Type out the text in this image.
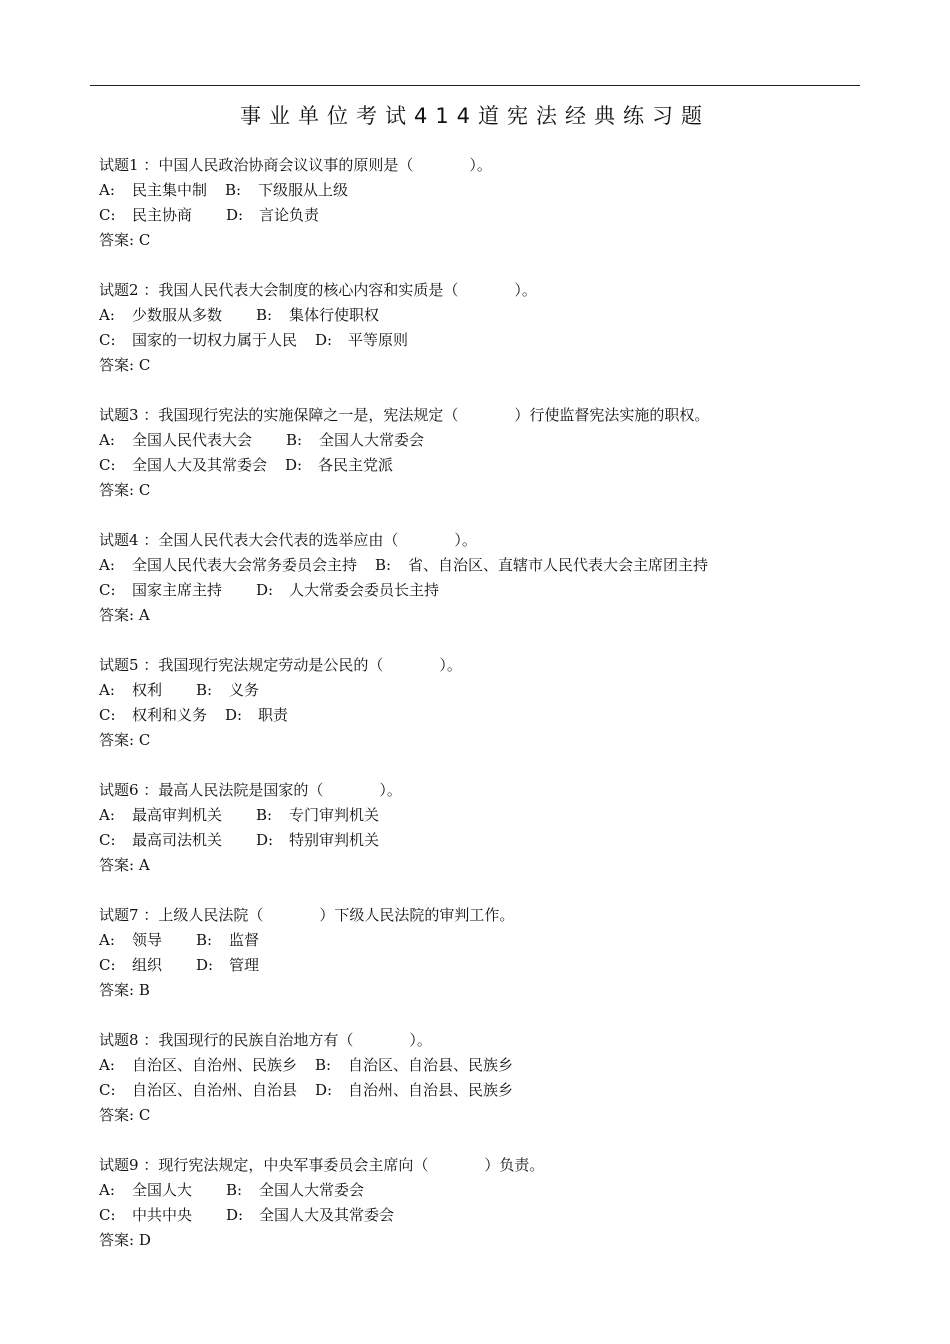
事业单位考试414道宪法经典练习题
试题1 ：中国人民政治协商会议议事的原则是（	）。
A: 民主集中制 B: 下级服从上级
C: 民主协商 D: 言论负责
答案: C
试题2 ：我国人民代表大会制度的核心内容和实质是（	）。
A: 少数服从多数 B: 集体行使职权
C: 国家的一切权力属于人民 D: 平等原则
答案: C
试题3 ：我国现行宪法的实施保障之一是，宪法规定（	）行使监督宪法实施的职权。
A: 全国人民代表大会 B: 全国人大常委会
C: 全国人大及其常委会 D: 各民主党派
答案: C
试题4 ：全国人民代表大会代表的选举应由（	）。
A: 全国人民代表大会常务委员会主持 B: 省、自治区、直辖市人民代表大会主席团主持
C: 国家主席主持 D: 人大常委会委员长主持
答案: A
试题5 ：我国现行宪法规定劳动是公民的（	）。
A: 权利 B: 义务
C: 权利和义务 D: 职责
答案: C
试题6 ：最高人民法院是国家的（	）。
A: 最高审判机关 B: 专门审判机关
C: 最高司法机关 D: 特别审判机关
答案: A
试题7 ：上级人民法院（	）下级人民法院的审判工作。
A: 领导 B: 监督
C: 组织 D: 管理
答案: B
试题8 ：我国现行的民族自治地方有（	）。
A: 自治区、自治州、民族乡 B: 自治区、自治县、民族乡
C: 自治区、自治州、自治县 D: 自治州、自治县、民族乡
答案: C
试题9 ：现行宪法规定，中央军事委员会主席向（	）负责。
A: 全国人大 B: 全国人大常委会
C: 中共中央 D: 全国人大及其常委会
答案: D
